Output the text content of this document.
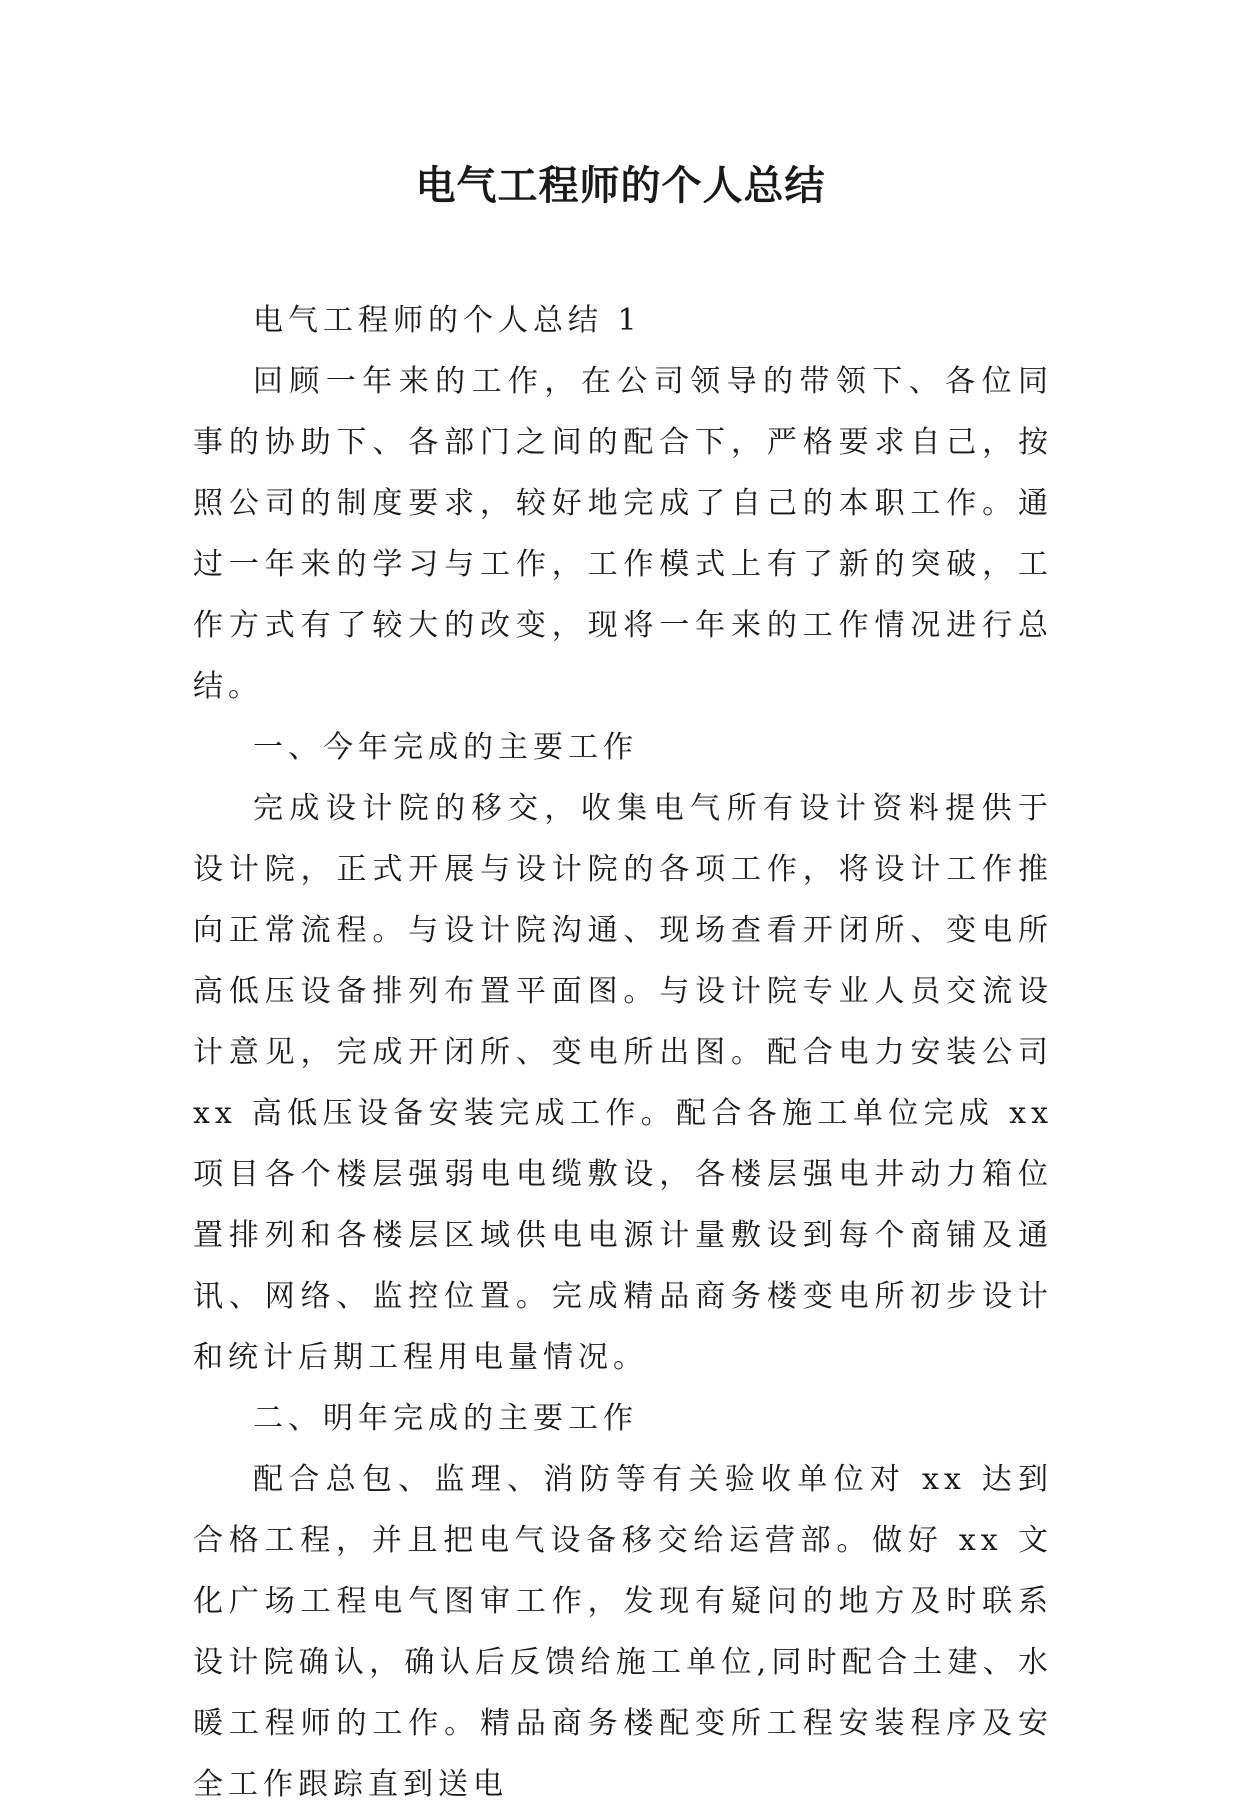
电气工程师的个人总结

电气工程师的个人总结 1

回顾一年来的工作，在公司领导的带领下、各位同事的协助下、各部门之间的配合下，严格要求自己，按照公司的制度要求，较好地完成了自己的本职工作。通过一年来的学习与工作，工作模式上有了新的突破，工作方式有了较大的改变，现将一年来的工作情况进行总结。

一、今年完成的主要工作

完成设计院的移交，收集电气所有设计资料提供于设计院，正式开展与设计院的各项工作，将设计工作推向正常流程。与设计院沟通、现场查看开闭所、变电所高低压设备排列布置平面图。与设计院专业人员交流设计意见，完成开闭所、变电所出图。配合电力安装公司 xx 高低压设备安装完成工作。配合各施工单位完成 xx 项目各个楼层强弱电电缆敷设，各楼层强电井动力箱位置排列和各楼层区域供电电源计量敷设到每个商铺及通讯、网络、监控位置。完成精品商务楼变电所初步设计和统计后期工程用电量情况。

二、明年完成的主要工作

配合总包、监理、消防等有关验收单位对 xx 达到合格工程，并且把电气设备移交给运营部。做好 xx 文化广场工程电气图审工作，发现有疑问的地方及时联系设计院确认，确认后反馈给施工单位,同时配合土建、水暖工程师的工作。精品商务楼配变所工程安装程序及安全工作跟踪直到送电
